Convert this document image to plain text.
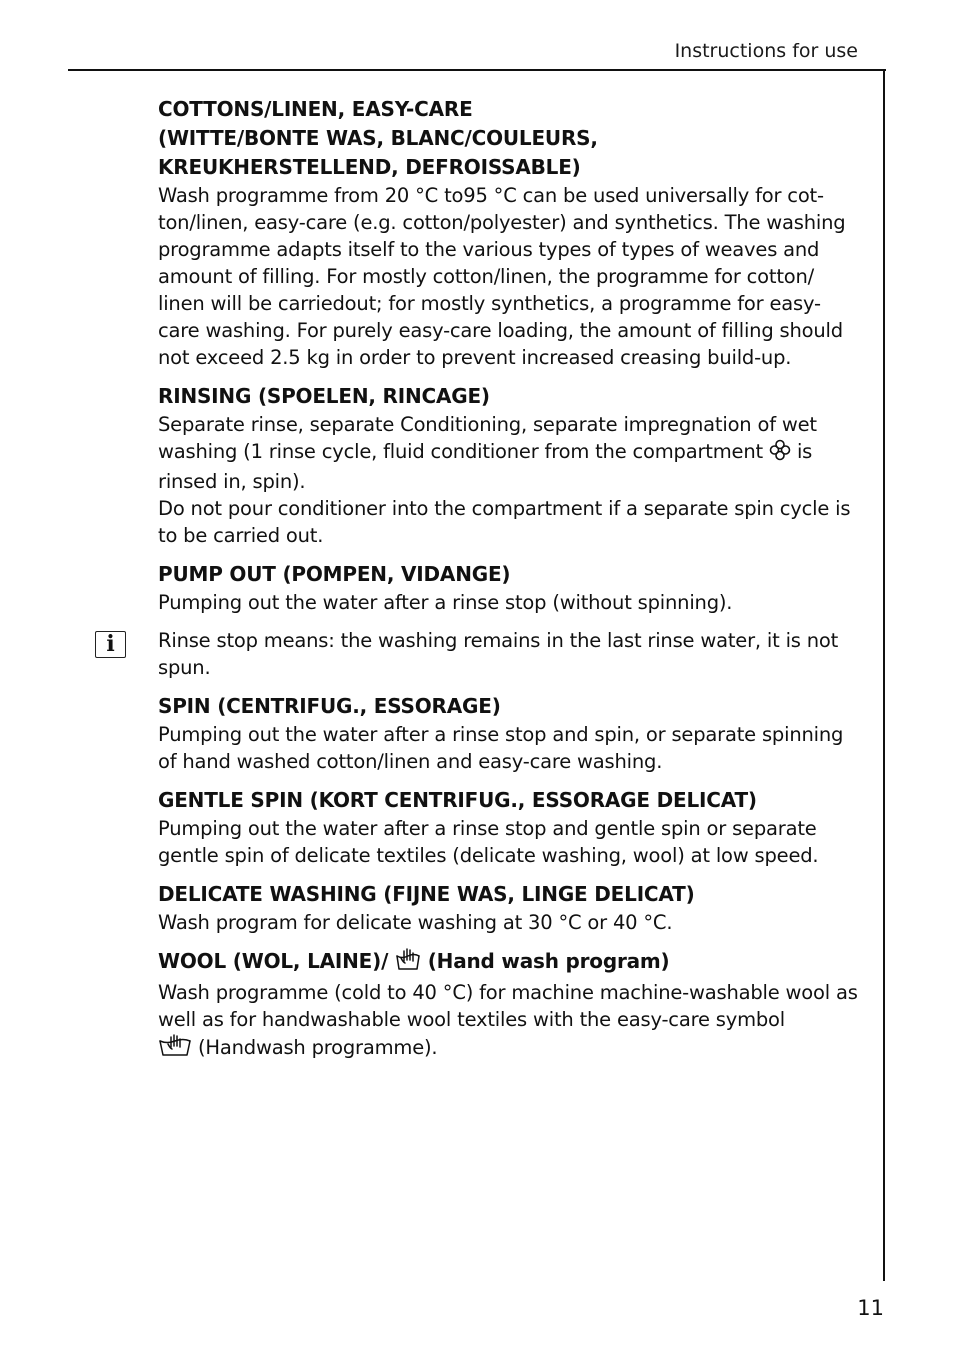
Instructions for use
COTTONS/LINEN, EASY-CARE
(WITTE/BONTE WAS, BLANC/COULEURS,
KREUKHERSTELLEND, DEFROISSABLE)

Wash programme from 20 °C to95 °C can be used universally for cot-ton/linen, easy-care (e.g. cotton/polyester) and synthetics. The washing programme adapts itself to the various types of types of weaves and amount of filling. For mostly cotton/linen, the programme for cotton/ linen will be carriedout; for mostly synthetics, a programme for easy-care washing. For purely easy-care loading, the amount of filling should not exceed 2.5 kg in order to prevent increased creasing build-up.

RINSING (SPOELEN, RINCAGE)

Separate rinse, separate Conditioning, separate impregnation of wet washing (1 rinse cycle, fluid conditioner from the compartment is rinsed in, spin).

Do not pour conditioner into the compartment if a separate spin cycle is to be carried out.

PUMP OUT (POMPEN, VIDANGE)

Pumping out the water after a rinse stop (without spinning).

i	Rinse stop means: the washing remains in the last rinse water, it is not spun.

SPIN (CENTRIFUG., ESSORAGE)

Pumping out the water after a rinse stop and spin, or separate spinning of hand washed cotton/linen and easy-care washing.

GENTLE SPIN (KORT CENTRIFUG., ESSORAGE DELICAT)

Pumping out the water after a rinse stop and gentle spin or separate gentle spin of delicate textiles (delicate washing, wool) at low speed.

DELICATE WASHING (FIJNE WAS, LINGE DELICAT)

Wash program for delicate washing at 30 °C or 40 °C.

WOOL (WOL, LAINE)/ (Hand wash program)

Wash programme (cold to 40 °C) for machine machine-washable wool as well as for handwashable wool textiles with the easy-care symbol
(Handwash programme).

11
